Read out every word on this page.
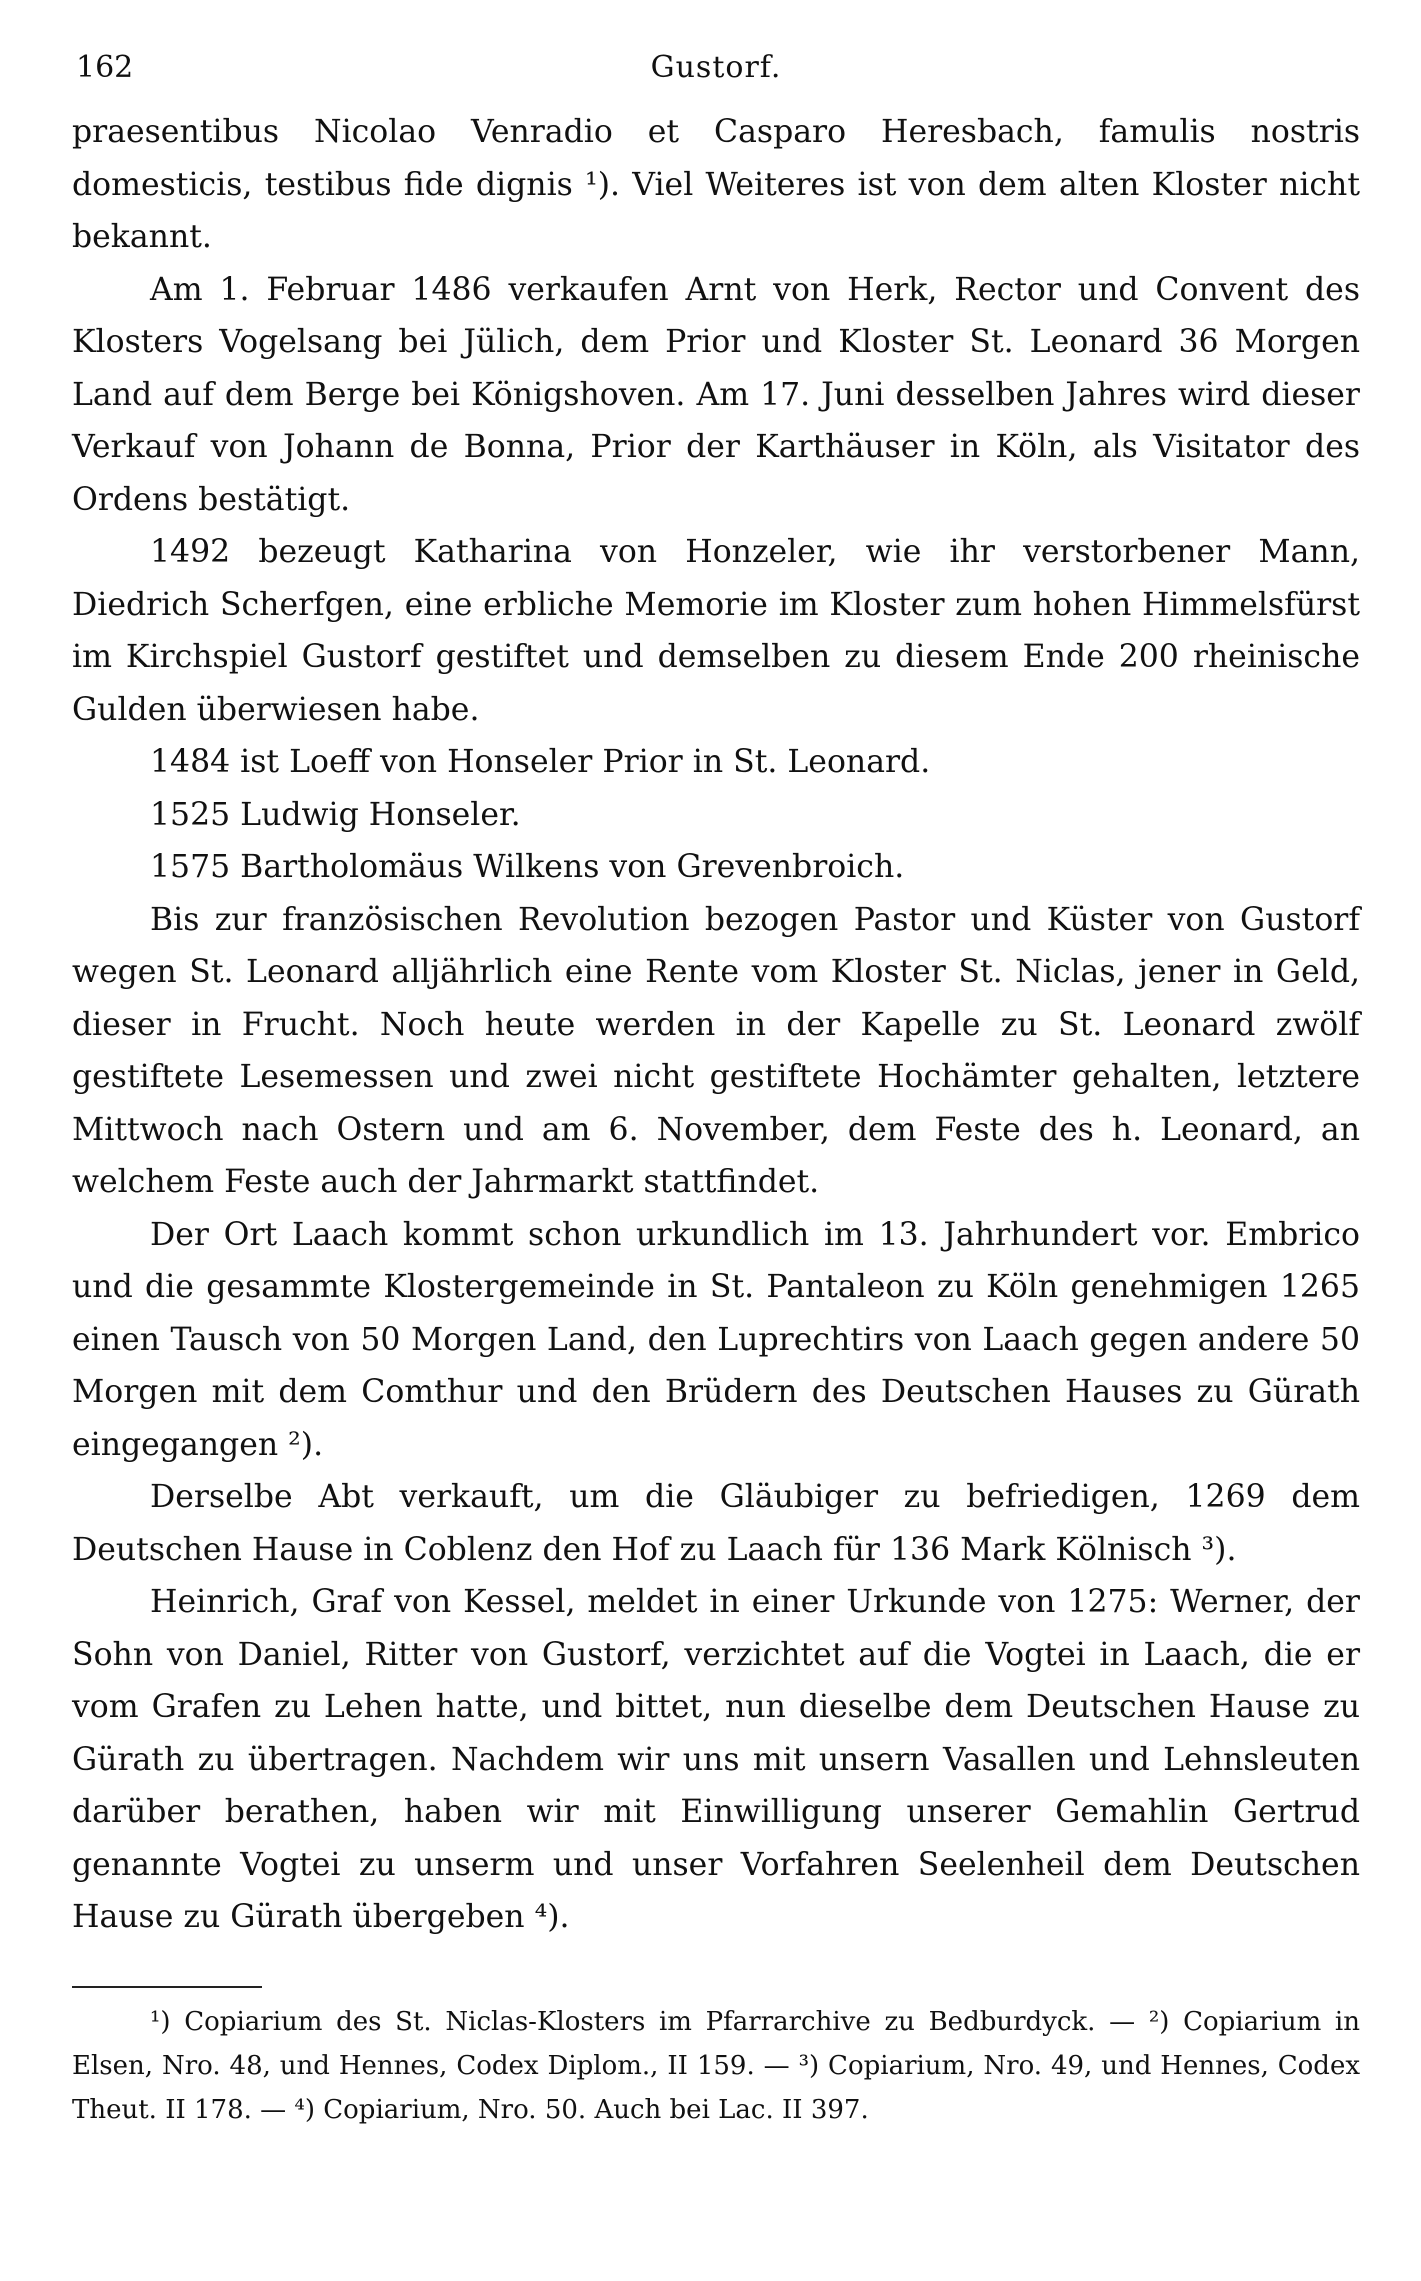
162	Gustorf.

praesentibus Nicolao Venradio et Casparo Heresbach, famulis nostris domesticis, testibus fide dignis ¹). Viel Weiteres ist von dem alten Kloster nicht bekannt.

Am 1. Februar 1486 verkaufen Arnt von Herk, Rector und Convent des Klosters Vogelsang bei Jülich, dem Prior und Kloster St. Leonard 36 Morgen Land auf dem Berge bei Königshoven. Am 17. Juni desselben Jahres wird dieser Verkauf von Johann de Bonna, Prior der Karthäuser in Köln, als Visitator des Ordens bestätigt.

1492 bezeugt Katharina von Honzeler, wie ihr verstorbener Mann, Diedrich Scherfgen, eine erbliche Memorie im Kloster zum hohen Himmelsfürst im Kirchspiel Gustorf gestiftet und demselben zu diesem Ende 200 rheinische Gulden überwiesen habe.

1484 ist Loeff von Honseler Prior in St. Leonard.

1525 Ludwig Honseler.

1575 Bartholomäus Wilkens von Grevenbroich.

Bis zur französischen Revolution bezogen Pastor und Küster von Gustorf wegen St. Leonard alljährlich eine Rente vom Kloster St. Niclas, jener in Geld, dieser in Frucht. Noch heute werden in der Kapelle zu St. Leonard zwölf gestiftete Lesemessen und zwei nicht gestiftete Hochämter gehalten, letztere Mittwoch nach Ostern und am 6. November, dem Feste des h. Leonard, an welchem Feste auch der Jahrmarkt stattfindet.

Der Ort Laach kommt schon urkundlich im 13. Jahrhundert vor. Embrico und die gesammte Klostergemeinde in St. Pantaleon zu Köln genehmigen 1265 einen Tausch von 50 Morgen Land, den Luprechtirs von Laach gegen andere 50 Morgen mit dem Comthur und den Brüdern des Deutschen Hauses zu Gürath eingegangen ²).

Derselbe Abt verkauft, um die Gläubiger zu befriedigen, 1269 dem Deutschen Hause in Coblenz den Hof zu Laach für 136 Mark Kölnisch ³).

Heinrich, Graf von Kessel, meldet in einer Urkunde von 1275: Werner, der Sohn von Daniel, Ritter von Gustorf, verzichtet auf die Vogtei in Laach, die er vom Grafen zu Lehen hatte, und bittet, nun dieselbe dem Deutschen Hause zu Gürath zu übertragen. Nachdem wir uns mit unsern Vasallen und Lehnsleuten darüber berathen, haben wir mit Einwilligung unserer Gemahlin Gertrud genannte Vogtei zu unserm und unser Vorfahren Seelenheil dem Deutschen Hause zu Gürath übergeben ⁴).

¹) Copiarium des St. Niclas-Klosters im Pfarrarchive zu Bedburdyck. — ²) Copiarium in Elsen, Nro. 48, und Hennes, Codex Diplom., II 159. — ³) Copiarium, Nro. 49, und Hennes, Codex Theut. II 178. — ⁴) Copiarium, Nro. 50. Auch bei Lac. II 397.
